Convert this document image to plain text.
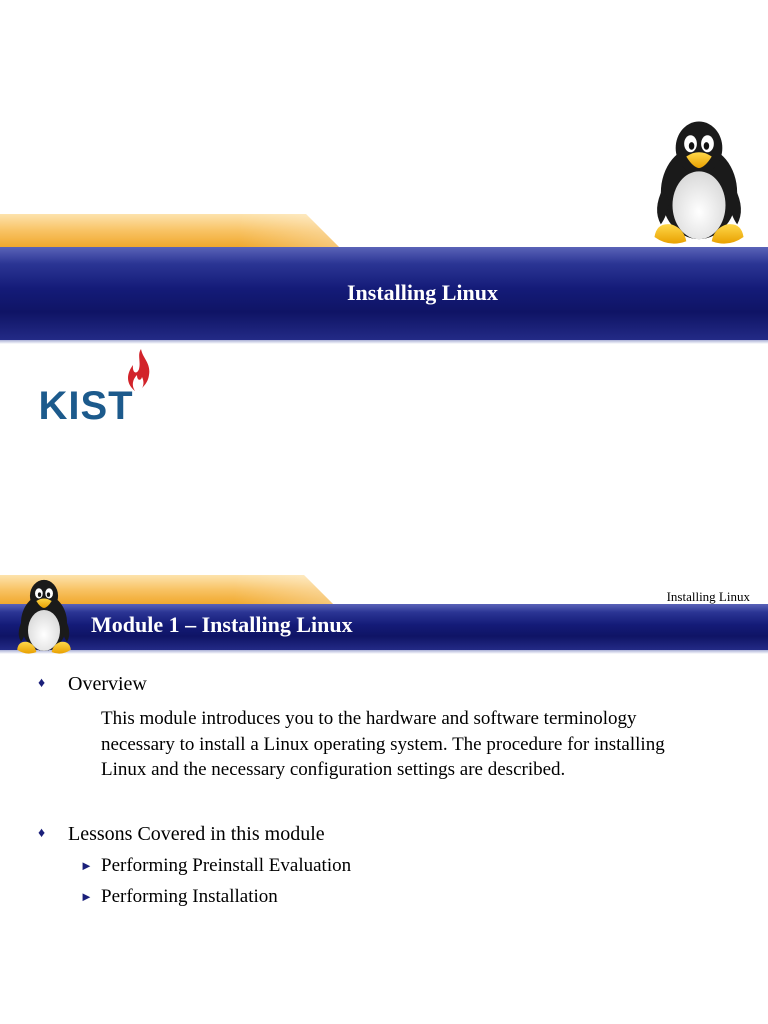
Installing Linux
KIST
Installing Linux
Module 1 – Installing Linux
♦ Overview
This module introduces you to the hardware and software terminology
necessary to install a Linux operating system. The procedure for installing
Linux and the necessary configuration settings are described.
♦ Lessons Covered in this module
► Performing Preinstall Evaluation
► Performing Installation
